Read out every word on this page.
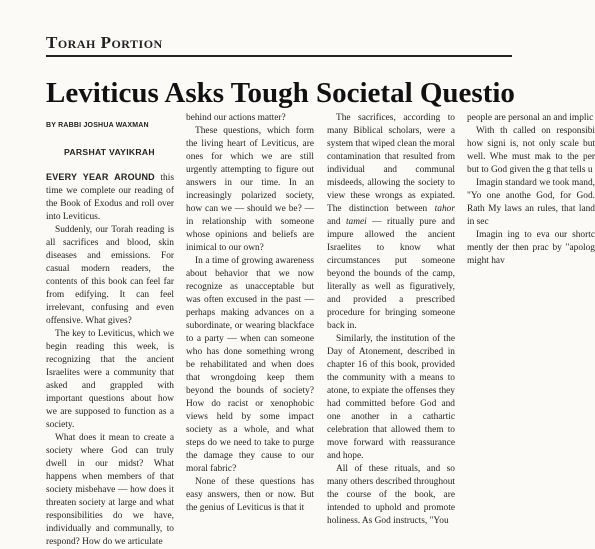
Torah Portion
Leviticus Asks Tough Societal Questio
BY RABBI JOSHUA WAXMAN
PARSHAT VAYIKRAH

EVERY YEAR AROUND this time we complete our reading of the Book of Exodus and roll over into Leviticus.

Suddenly, our Torah reading is all sacrifices and blood, skin diseases and emissions. For casual modern readers, the contents of this book can feel far from edifying. It can feel irrelevant, confusing and even offensive. What gives?

The key to Leviticus, which we begin reading this week, is recognizing that the ancient Israelites were a community that asked and grappled with important questions about how we are supposed to function as a society.

What does it mean to create a society where God can truly dwell in our midst? What happens when members of that society misbehave — how does it threaten society at large and what responsibilities do we have, individually and communally, to respond? How do we articulate

behind our actions matter?

These questions, which form the living heart of Leviticus, are ones for which we are still urgently attempting to figure out answers in our time. In an increasingly polarized society, how can we — should we be? — in relationship with someone whose opinions and beliefs are inimical to our own?

In a time of growing awareness about behavior that we now recognize as unacceptable but was often excused in the past — perhaps making advances on a subordinate, or wearing blackface to a party — when can someone who has done something wrong be rehabilitated and when does that wrongdoing keep them beyond the bounds of society? How do racist or xenophobic views held by some impact society as a whole, and what steps do we need to take to purge the damage they cause to our moral fabric?

None of these questions has easy answers, then or now. But the genius of Leviticus is that it

The sacrifices, according to many Biblical scholars, were a system that wiped clean the moral contamination that resulted from individual and communal misdeeds, allowing the society to view these wrongs as expiated. The distinction between tahor and tamei — ritually pure and impure allowed the ancient Israelites to know what circumstances put someone beyond the bounds of the camp, literally as well as figuratively, and provided a prescribed procedure for bringing someone back in.

Similarly, the institution of the Day of Atonement, described in chapter 16 of this book, provided the community with a means to atone, to expiate the offenses they had committed before God and one another in a cathartic celebration that allowed them to move forward with reassurance and hope.

All of these rituals, and so many others described throughout the course of the book, are intended to uphold and promote holiness. As God instructs, "You

people are personal an and implic

With th called on responsibi how signi is, not only scale but well. Whe must mak to the per but to God given the g that tells u

Imagin standard we took mand, "Yo one anothe God, for God. Rath My laws an rules, that land in sec

Imagin ing to eva our shortc mently der then prac by "apolog might hav
